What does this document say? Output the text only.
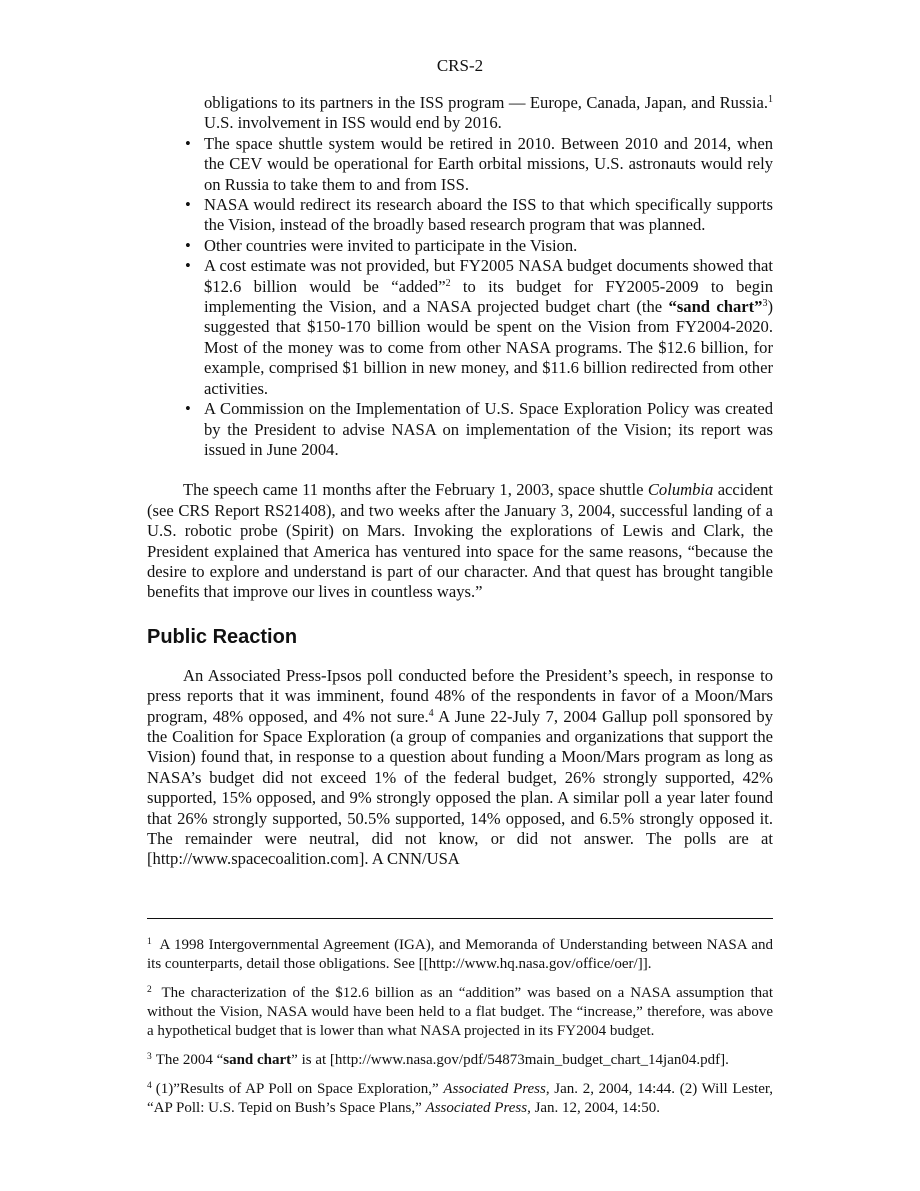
CRS-2

obligations to its partners in the ISS program — Europe, Canada, Japan, and Russia.$^1$ U.S. involvement in ISS would end by 2016.

• The space shuttle system would be retired in 2010. Between 2010 and 2014, when the CEV would be operational for Earth orbital missions, U.S. astronauts would rely on Russia to take them to and from ISS.
• NASA would redirect its research aboard the ISS to that which specifically supports the Vision, instead of the broadly based research program that was planned.
• Other countries were invited to participate in the Vision.
• A cost estimate was not provided, but FY2005 NASA budget documents showed that $12.6 billion would be “added”$^2$ to its budget for FY2005-2009 to begin implementing the Vision, and a NASA projected budget chart (the “sand chart”$^3$) suggested that $150-170 billion would be spent on the Vision from FY2004-2020. Most of the money was to come from other NASA programs. The $12.6 billion, for example, comprised $1 billion in new money, and $11.6 billion redirected from other activities.
• A Commission on the Implementation of U.S. Space Exploration Policy was created by the President to advise NASA on implementation of the Vision; its report was issued in June 2004.

The speech came 11 months after the February 1, 2003, space shuttle Columbia accident (see CRS Report RS21408), and two weeks after the January 3, 2004, successful landing of a U.S. robotic probe (Spirit) on Mars. Invoking the explorations of Lewis and Clark, the President explained that America has ventured into space for the same reasons, “because the desire to explore and understand is part of our character. And that quest has brought tangible benefits that improve our lives in countless ways.”

Public Reaction

An Associated Press-Ipsos poll conducted before the President’s speech, in response to press reports that it was imminent, found 48% of the respondents in favor of a Moon/Mars program, 48% opposed, and 4% not sure.$^4$ A June 22-July 7, 2004 Gallup poll sponsored by the Coalition for Space Exploration (a group of companies and organizations that support the Vision) found that, in response to a question about funding a Moon/Mars program as long as NASA’s budget did not exceed 1% of the federal budget, 26% strongly supported, 42% supported, 15% opposed, and 9% strongly opposed the plan. A similar poll a year later found that 26% strongly supported, 50.5% supported, 14% opposed, and 6.5% strongly opposed it. The remainder were neutral, did not know, or did not answer. The polls are at [http://www.spacecoalition.com]. A CNN/USA

$^1$ A 1998 Intergovernmental Agreement (IGA), and Memoranda of Understanding between NASA and its counterparts, detail those obligations. See [[http://www.hq.nasa.gov/office/oer/]].

$^2$ The characterization of the $12.6 billion as an “addition” was based on a NASA assumption that without the Vision, NASA would have been held to a flat budget. The “increase,” therefore, was above a hypothetical budget that is lower than what NASA projected in its FY2004 budget.

$^3$ The 2004 “sand chart” is at [http://www.nasa.gov/pdf/54873main_budget_chart_14jan04.pdf].

$^4$ (1)”Results of AP Poll on Space Exploration,” Associated Press, Jan. 2, 2004, 14:44. (2) Will Lester, “AP Poll: U.S. Tepid on Bush’s Space Plans,” Associated Press, Jan. 12, 2004, 14:50.
